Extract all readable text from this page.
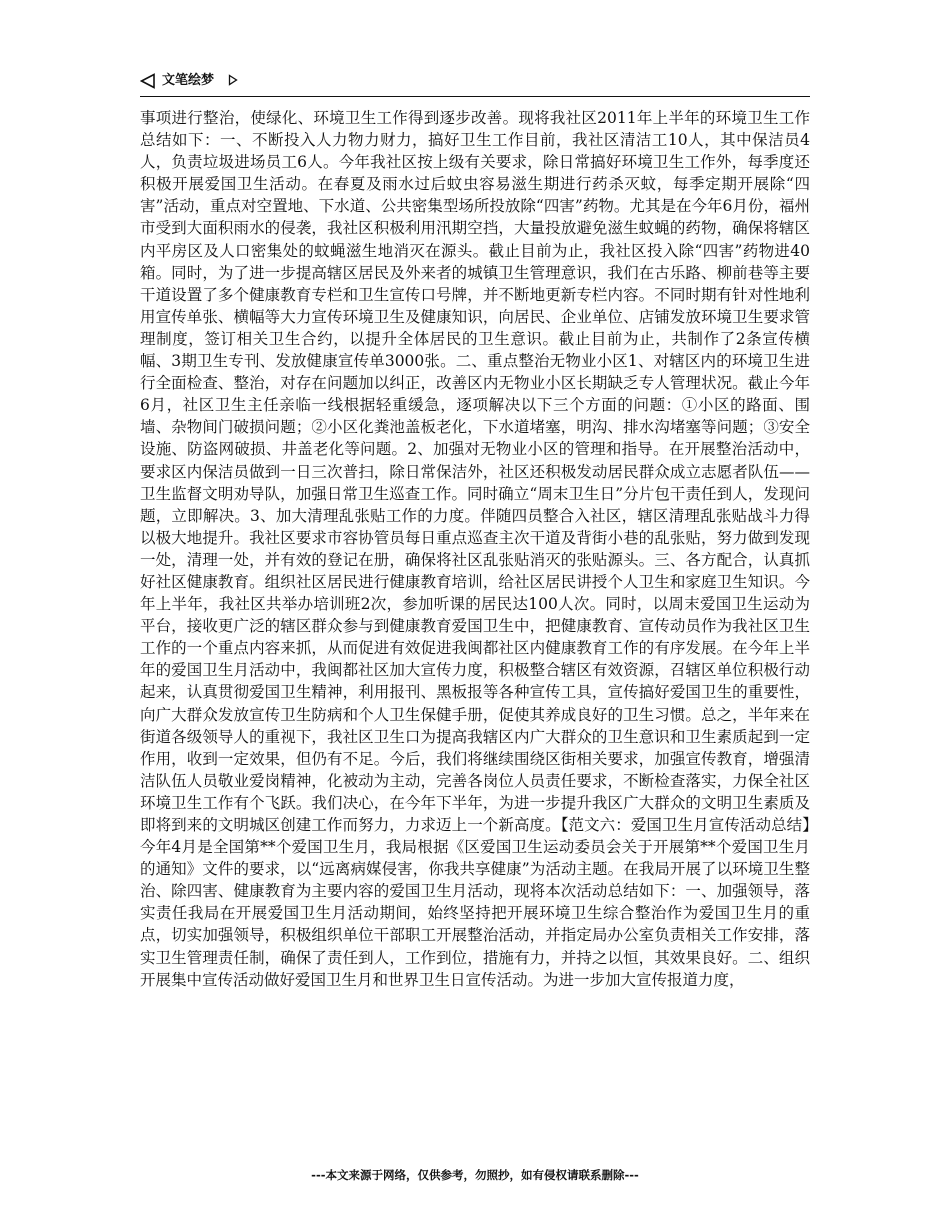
文笔绘梦

事项进行整治，使绿化、环境卫生工作得到逐步改善。现将我社区2011年上半年的环境卫生工作总结如下：一、不断投入人力物力财力，搞好卫生工作目前，我社区清洁工10人，其中保洁员4人，负责垃圾进场员工6人。今年我社区按上级有关要求，除日常搞好环境卫生工作外，每季度还积极开展爱国卫生活动。在春夏及雨水过后蚊虫容易滋生期进行药杀灭蚊，每季定期开展除“四害”活动，重点对空置地、下水道、公共密集型场所投放除“四害”药物。尤其是在今年6月份，福州市受到大面积雨水的侵袭，我社区积极利用汛期空挡，大量投放避免滋生蚊蝇的药物，确保将辖区内平房区及人口密集处的蚊蝇滋生地消灭在源头。截止目前为止，我社区投入除“四害”药物进40箱。同时，为了进一步提高辖区居民及外来者的城镇卫生管理意识，我们在古乐路、柳前巷等主要干道设置了多个健康教育专栏和卫生宣传口号牌，并不断地更新专栏内容。不同时期有针对性地利用宣传单张、横幅等大力宣传环境卫生及健康知识，向居民、企业单位、店铺发放环境卫生要求管理制度，签订相关卫生合约，以提升全体居民的卫生意识。截止目前为止，共制作了2条宣传横幅、3期卫生专刊、发放健康宣传单3000张。二、重点整治无物业小区1、对辖区内的环境卫生进行全面检查、整治，对存在问题加以纠正，改善区内无物业小区长期缺乏专人管理状况。截止今年6月，社区卫生主任亲临一线根据轻重缓急，逐项解决以下三个方面的问题：①小区的路面、围墙、杂物间门破损问题；②小区化粪池盖板老化，下水道堵塞，明沟、排水沟堵塞等问题；③安全设施、防盗网破损、井盖老化等问题。2、加强对无物业小区的管理和指导。在开展整治活动中，要求区内保洁员做到一日三次普扫，除日常保洁外，社区还积极发动居民群众成立志愿者队伍——卫生监督文明劝导队，加强日常卫生巡查工作。同时确立“周末卫生日”分片包干责任到人，发现问题，立即解决。3、加大清理乱张贴工作的力度。伴随四员整合入社区，辖区清理乱张贴战斗力得以极大地提升。我社区要求市容协管员每日重点巡查主次干道及背街小巷的乱张贴，努力做到发现一处，清理一处，并有效的登记在册，确保将社区乱张贴消灭的张贴源头。三、各方配合，认真抓好社区健康教育。组织社区居民进行健康教育培训，给社区居民讲授个人卫生和家庭卫生知识。今年上半年，我社区共举办培训班2次，参加听课的居民达100人次。同时，以周末爱国卫生运动为平台，接收更广泛的辖区群众参与到健康教育爱国卫生中，把健康教育、宣传动员作为我社区卫生工作的一个重点内容来抓，从而促进有效促进我闽都社区内健康教育工作的有序发展。在今年上半年的爱国卫生月活动中，我闽都社区加大宣传力度，积极整合辖区有效资源，召辖区单位积极行动起来，认真贯彻爱国卫生精神，利用报刊、黑板报等各种宣传工具，宣传搞好爱国卫生的重要性，向广大群众发放宣传卫生防病和个人卫生保健手册，促使其养成良好的卫生习惯。总之，半年来在街道各级领导人的重视下，我社区卫生口为提高我辖区内广大群众的卫生意识和卫生素质起到一定作用，收到一定效果，但仍有不足。今后，我们将继续围绕区街相关要求，加强宣传教育，增强清洁队伍人员敬业爱岗精神，化被动为主动，完善各岗位人员责任要求，不断检查落实，力保全社区环境卫生工作有个飞跃。我们决心，在今年下半年，为进一步提升我区广大群众的文明卫生素质及即将到来的文明城区创建工作而努力，力求迈上一个新高度。【范文六：爱国卫生月宣传活动总结】今年4月是全国第**个爱国卫生月，我局根据《区爱国卫生运动委员会关于开展第**个爱国卫生月的通知》文件的要求，以“远离病媒侵害，你我共享健康”为活动主题。在我局开展了以环境卫生整治、除四害、健康教育为主要内容的爱国卫生月活动，现将本次活动总结如下：一、加强领导，落实责任我局在开展爱国卫生月活动期间，始终坚持把开展环境卫生综合整治作为爱国卫生月的重点，切实加强领导，积极组织单位干部职工开展整治活动，并指定局办公室负责相关工作安排，落实卫生管理责任制，确保了责任到人，工作到位，措施有力，并持之以恒，其效果良好。二、组织开展集中宣传活动做好爱国卫生月和世界卫生日宣传活动。为进一步加大宣传报道力度，

---本文来源于网络，仅供参考，勿照抄，如有侵权请联系删除---
